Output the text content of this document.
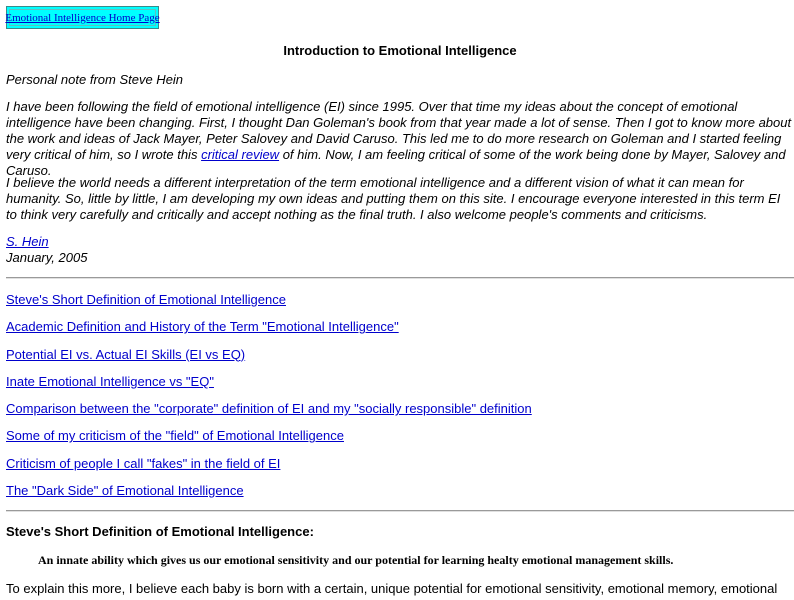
Emotional Intelligence Home Page
Introduction to Emotional Intelligence
Personal note from Steve Hein
I have been following the field of emotional intelligence (EI) since 1995. Over that time my ideas about the concept of emotional intelligence have been changing. First, I thought Dan Goleman's book from that year made a lot of sense. Then I got to know more about the work and ideas of Jack Mayer, Peter Salovey and David Caruso. This led me to do more research on Goleman and I started feeling very critical of him, so I wrote this critical review of him. Now, I am feeling critical of some of the work being done by Mayer, Salovey and Caruso.
I believe the world needs a different interpretation of the term emotional intelligence and a different vision of what it can mean for humanity. So, little by little, I am developing my own ideas and putting them on this site. I encourage everyone interested in this term EI to think very carefully and critically and accept nothing as the final truth. I also welcome people's comments and criticisms.
S. Hein
January, 2005
Steve's Short Definition of Emotional Intelligence
Academic Definition and History of the Term "Emotional Intelligence"
Potential EI vs. Actual EI Skills (EI vs EQ)
Inate Emotional Intelligence vs "EQ"
Comparison between the "corporate" definition of EI and my "socially responsible" definition
Some of my criticism of the "field" of Emotional Intelligence
Criticism of people I call "fakes" in the field of EI
The "Dark Side" of Emotional Intelligence
Steve's Short Definition of Emotional Intelligence:
An innate ability which gives us our emotional sensitivity and our potential for learning healty emotional management skills.
To explain this more, I believe each baby is born with a certain, unique potential for emotional sensitivity, emotional memory, emotional
